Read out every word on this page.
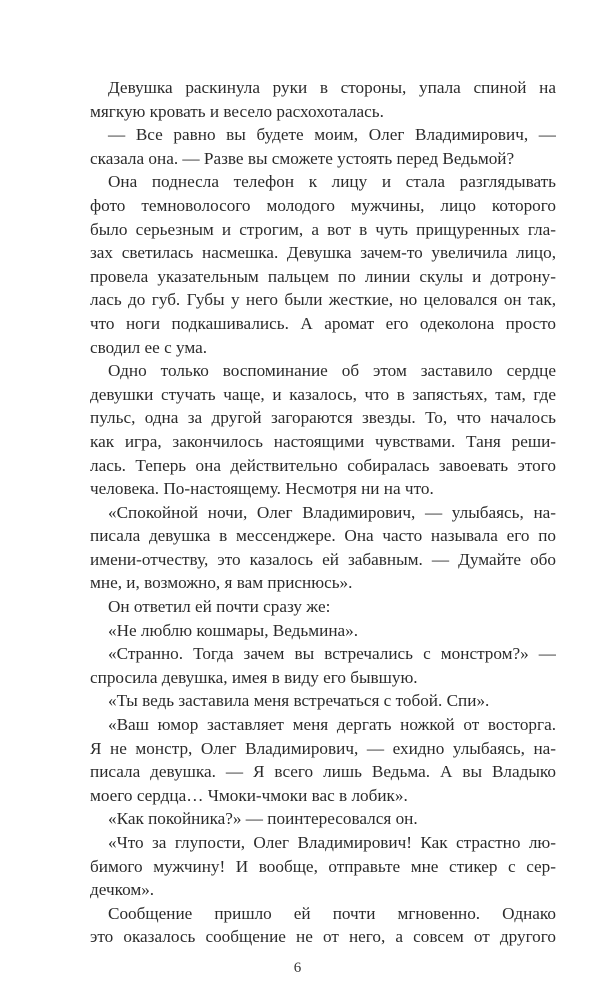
Девушка раскинула руки в стороны, упала спиной на
мягкую кровать и весело расхохоталась.
— Все равно вы будете моим, Олег Владимирович, —
сказала она. — Разве вы сможете устоять перед Ведьмой?
Она поднесла телефон к лицу и стала разглядывать
фото темноволосого молодого мужчины, лицо которого
было серьезным и строгим, а вот в чуть прищуренных гла-
зах светилась насмешка. Девушка зачем-то увеличила лицо,
провела указательным пальцем по линии скулы и дотрону-
лась до губ. Губы у него были жесткие, но целовался он так,
что ноги подкашивались. А аромат его одеколона просто
сводил ее с ума.
Одно только воспоминание об этом заставило сердце
девушки стучать чаще, и казалось, что в запястьях, там, где
пульс, одна за другой загораются звезды. То, что началось
как игра, закончилось настоящими чувствами. Таня реши-
лась. Теперь она действительно собиралась завоевать этого
человека. По-настоящему. Несмотря ни на что.
«Спокойной ночи, Олег Владимирович, — улыбаясь, на-
писала девушка в мессенджере. Она часто называла его по
имени-отчеству, это казалось ей забавным. — Думайте обо
мне, и, возможно, я вам приснюсь».
Он ответил ей почти сразу же:
«Не люблю кошмары, Ведьмина».
«Странно. Тогда зачем вы встречались с монстром?» —
спросила девушка, имея в виду его бывшую.
«Ты ведь заставила меня встречаться с тобой. Спи».
«Ваш юмор заставляет меня дергать ножкой от восторга.
Я не монстр, Олег Владимирович, — ехидно улыбаясь, на-
писала девушка. — Я всего лишь Ведьма. А вы Владыко
моего сердца… Чмоки-чмоки вас в лобик».
«Как покойника?» — поинтересовался он.
«Что за глупости, Олег Владимирович! Как страстно лю-
бимого мужчину! И вообще, отправьте мне стикер с сер-
дечком».
Сообщение пришло ей почти мгновенно. Однако
это оказалось сообщение не от него, а совсем от другого
6
